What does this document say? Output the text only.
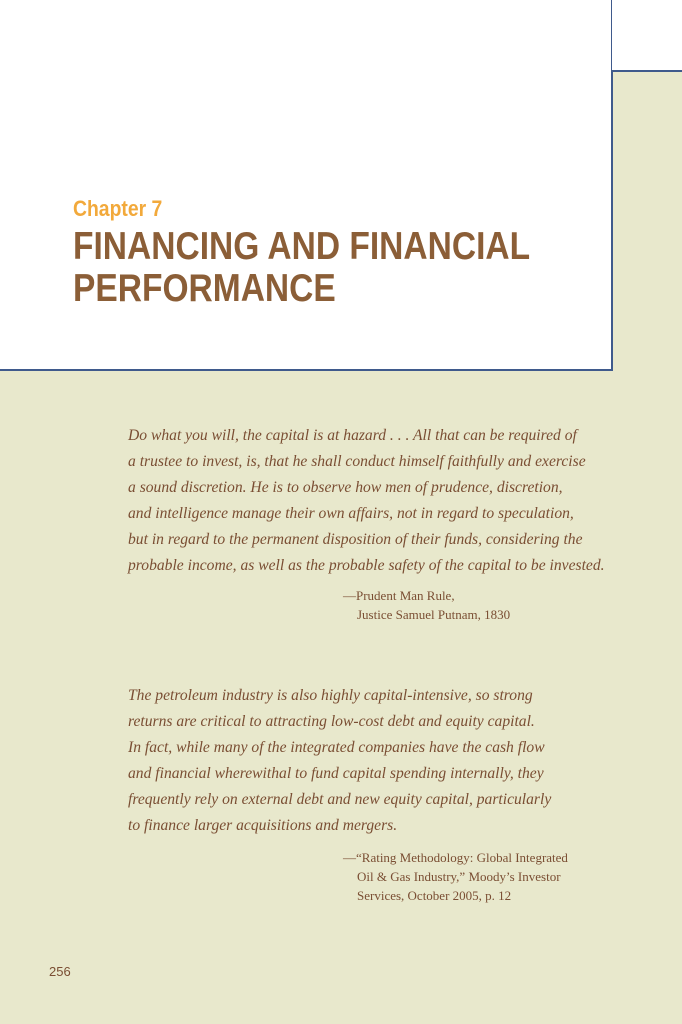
Chapter 7
FINANCING AND FINANCIAL
PERFORMANCE
Do what you will, the capital is at hazard . . . All that can be required of
a trustee to invest, is, that he shall conduct himself faithfully and exercise
a sound discretion. He is to observe how men of prudence, discretion,
and intelligence manage their own affairs, not in regard to speculation,
but in regard to the permanent disposition of their funds, considering the
probable income, as well as the probable safety of the capital to be invested.
—Prudent Man Rule,
Justice Samuel Putnam, 1830
The petroleum industry is also highly capital-intensive, so strong
returns are critical to attracting low-cost debt and equity capital.
In fact, while many of the integrated companies have the cash flow
and financial wherewithal to fund capital spending internally, they
frequently rely on external debt and new equity capital, particularly
to finance larger acquisitions and mergers.
—“Rating Methodology: Global Integrated
Oil & Gas Industry,” Moody’s Investor
Services, October 2005, p. 12
256
